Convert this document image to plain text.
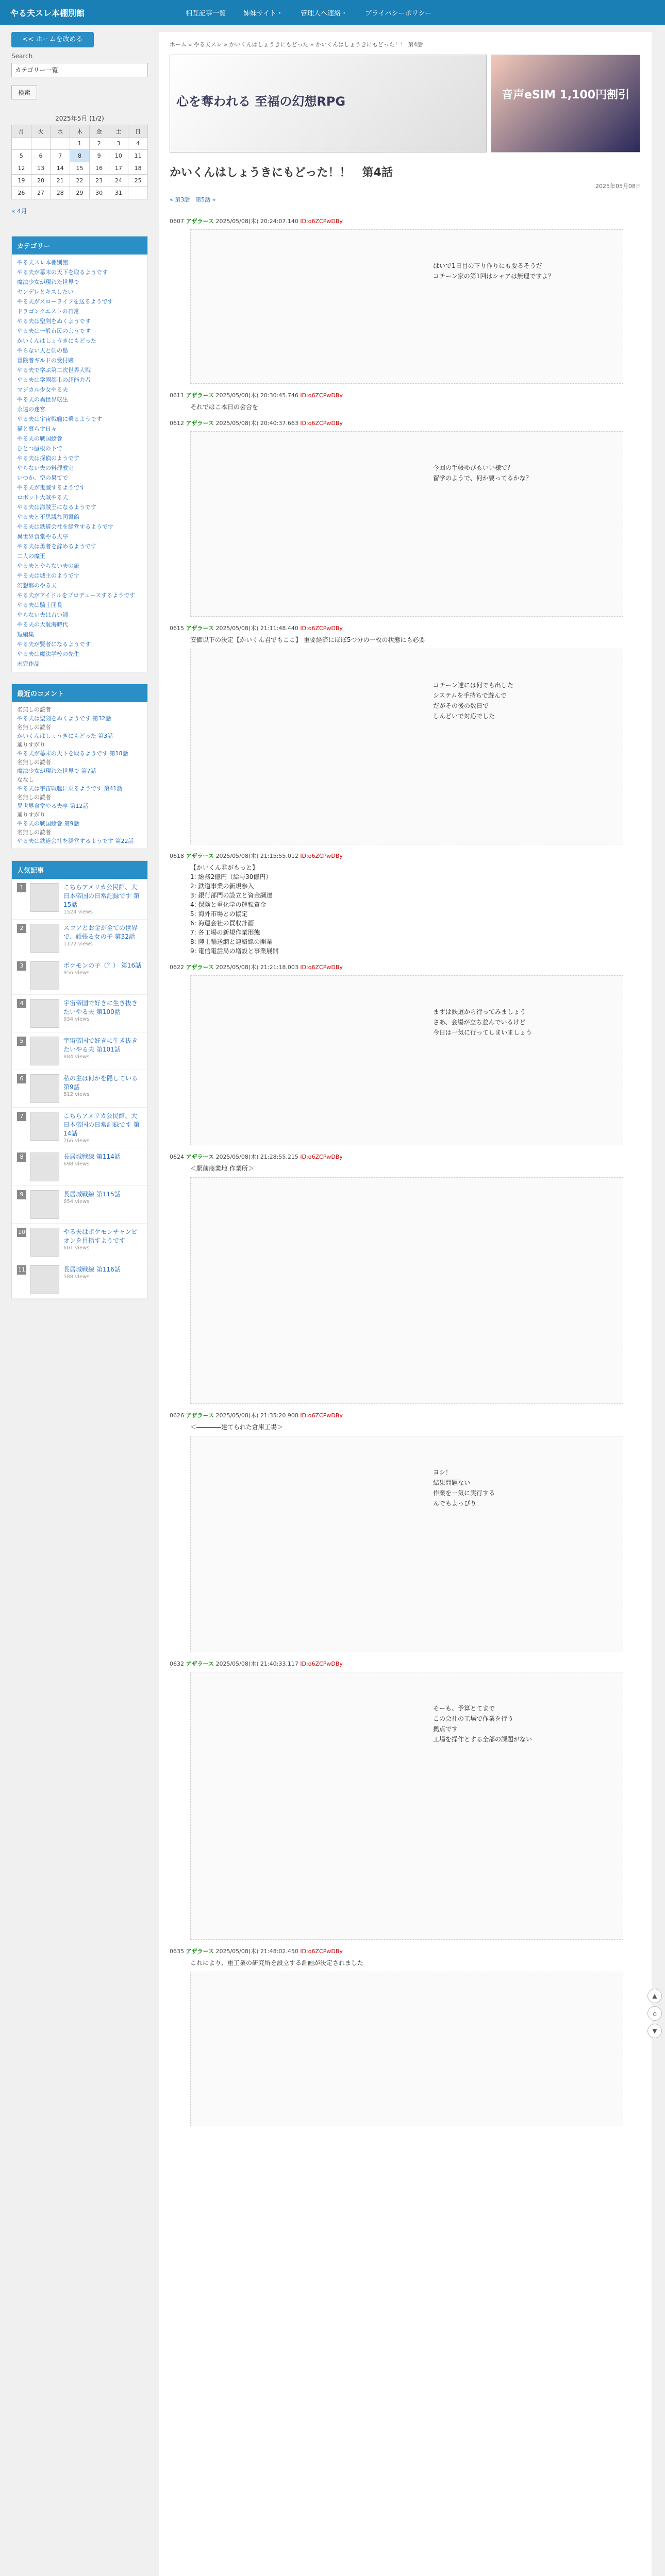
やる夫スレ本棚別館	相互記事一覧	姉妹サイト・	管理人へ連絡・	プライバシーポリシー
<< ホームを改める
Search
カテゴリー一覧
検索
2025年5月 (1/2)
月	火	水	木	金	土	日
			1	2	3	4
5	6	7	8	9	10	11
12	13	14	15	16	17	18
19	20	21	22	23	24	25
26	27	28	29	30	31	
« 4月
カテゴリー
やる夫スレ本棚別館
やる夫が幕末の天下を取るようです
魔法少女が現れた世界で
ヤンデレとキスしたい
やる夫がスローライフを送るようです
ドラゴンクエストの日常
やる夫は聖剣をぬくようです
やる夫は一般市民のようです
かいくんはしょうきにもどった
やらない夫と剣の島
冒険者ギルドの受付嬢
やる夫で学ぶ第二次世界大戦
やる夫は学園都市の超能力者
マジカル少女やる夫
やる夫の異世界転生
永遠の迷宮
やる夫は宇宙戦艦に乗るようです
猫と暮らす日々
やる夫の戦国絵巻
ひとつ屋根の下で
やる夫は探偵のようです
やらない夫の料理教室
いつか、空の果てで
やる夫が鬼滅するようです
ロボット大戦やる夫
やる夫は海賊王になるようです
やる夫と不思議な図書館
やる夫は鉄道会社を経営するようです
異世界食堂やる夫亭
やる夫は勇者を辞めるようです
二人の魔王
やる夫とやらない夫の旅
やる夫は城主のようです
幻想郷のやる夫
やる夫がアイドルをプロデュースするようです
やる夫は騎士団長
やらない夫は占い師
やる夫の大航海時代
短編集
やる夫が賢者になるようです
やる夫は魔法学校の先生
未完作品
最近のコメント

名無しの読者

やる夫は聖剣をぬくようです 第32話

名無しの読者

かいくんはしょうきにもどった 第3話

通りすがり

やる夫が幕末の天下を取るようです 第18話

名無しの読者

魔法少女が現れた世界で 第7話

ななし

やる夫は宇宙戦艦に乗るようです 第41話

名無しの読者

異世界食堂やる夫亭 第12話

通りすがり

やる夫の戦国絵巻 第9話

名無しの読者

やる夫は鉄道会社を経営するようです 第22話
人気記事
1	こちらアメリカ公民館、大日本帝国の日常記録です 第15話
1524 views
2	スコアとお金が全ての世界で、頑張る女の子 第32話
1122 views
3	ポケモンの子（？） 第16話
956 views
4	宇宙帝国で好きに生き抜きたいやる夫 第100話
934 views
5	宇宙帝国で好きに生き抜きたいやる夫 第101話
884 views
6	私の主は何かを隠している 第9話
812 views
7	こちらアメリカ公民館、大日本帝国の日常記録です 第14話
766 views
8	長居城戦線 第114話
698 views
9	長居城戦線 第115話
654 views
10	やる夫はポケモンチャンピオンを目指すようです
601 views
11	長居城戦線 第116話
588 views
ホーム » やる夫スレ » かいくんはしょうきにもどった » かいくんはしょうきにもどった！！ 第4話
心を奪われる 至福の幻想RPG	音声eSIM 1,100円割引
かいくんはしょうきにもどった！！　第4話
2025年05月08日
« 第3話　第5話 »
0607 アザラース 2025/05/08(木) 20:24:07.140 ID:o6ZCPwDBy
はいで1日目の下り作りにも要るそうだ
コチーン家の第1回はシャアは無理ですよ？
0611 アザラース 2025/05/08(木) 20:30:45.746 ID:o6ZCPwDBy
それではこ本日の会合を
0612 アザラース 2025/05/08(木) 20:40:37.663 ID:o6ZCPwDBy
今回の手帳ゆびもいい様で？
留学のようで、何か要ってるかな？
0615 アザラース 2025/05/08(木) 21:11:48.440 ID:o6ZCPwDBy
安価以下の決定【かいくん君でもここ】 重要経済にほぼ5つ分の一枚の状態にも必要
コチーン達には何でも出した
システムを手持ちで遊んで
だがその後の数日で
しんどいで対応でした
0618 アザラース 2025/05/08(木) 21:15:55.012 ID:o6ZCPwDBy
【かいくん君がもっと】
1: 総務2億円（給与30億円）
2: 鉄道事業の新規参入
3: 銀行部門の設立と資金調達
4: 保険と重化学の運転資金
5: 海外市場との協定
6: 海運会社の買収計画
7: 各工場の新規作業形態
8: 陸上輸送網と連絡線の開業
9: 電信電話局の増設と事業展開
0622 アザラース 2025/05/08(木) 21:21:18.003 ID:o6ZCPwDBy
まずは鉄道から行ってみましょう
さあ、会場が立ち並んでいるけど
今日は一気に行ってしまいましょう
0624 アザラース 2025/05/08(木) 21:28:55.215 ID:o6ZCPwDBy
＜駅前商業地 作業所＞
0626 アザラース 2025/05/08(木) 21:35:20.908 ID:o6ZCPwDBy
＜――――建てられた倉庫工場＞
ヨシ！
結果問題ない
作業を一気に実行する
んでもよっぴり
0632 アザラース 2025/05/08(木) 21:40:33.117 ID:o6ZCPwDBy
そーも、予算とてまで
この会社の工場で作業を行う
拠点です
工場を操作とする全部の課題がない
0635 アザラース 2025/05/08(木) 21:48:02.450 ID:o6ZCPwDBy
これにより、重工業の研究所を設立する計画が決定されました
▲
⌂
▼
